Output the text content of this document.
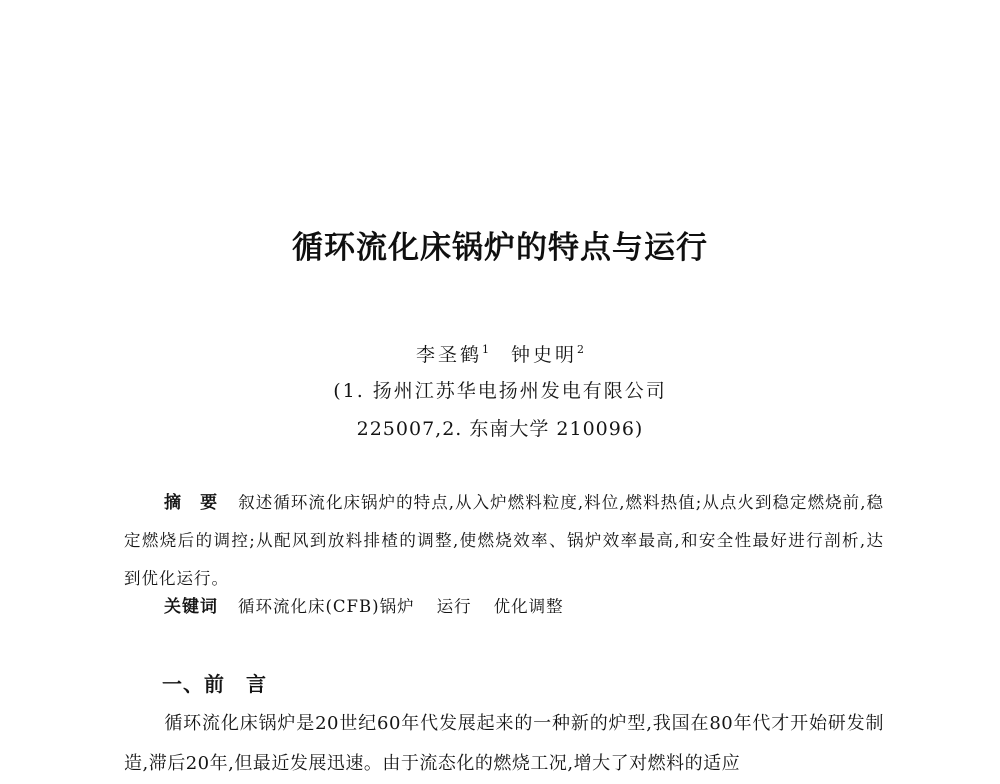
循环流化床锅炉的特点与运行
李圣鹤$^1$ 钟史明$^2$
(1. 扬州江苏华电扬州发电有限公司
225007,2. 东南大学 210096)
摘　要 叙述循环流化床锅炉的特点,从入炉燃料粒度,料位,燃料热值;从点火到稳定燃烧前,稳定燃烧后的调控;从配风到放料排楂的调整,使燃烧效率、锅炉效率最高,和安全性最好进行剖析,达到优化运行。
关键词 循环流化床(CFB)锅炉 运行 优化调整
一、前　言
循环流化床锅炉是20世纪60年代发展起来的一种新的炉型,我国在80年代才开始研发制造,滞后20年,但最近发展迅速。由于流态化的燃烧工况,增大了对燃料的适应
